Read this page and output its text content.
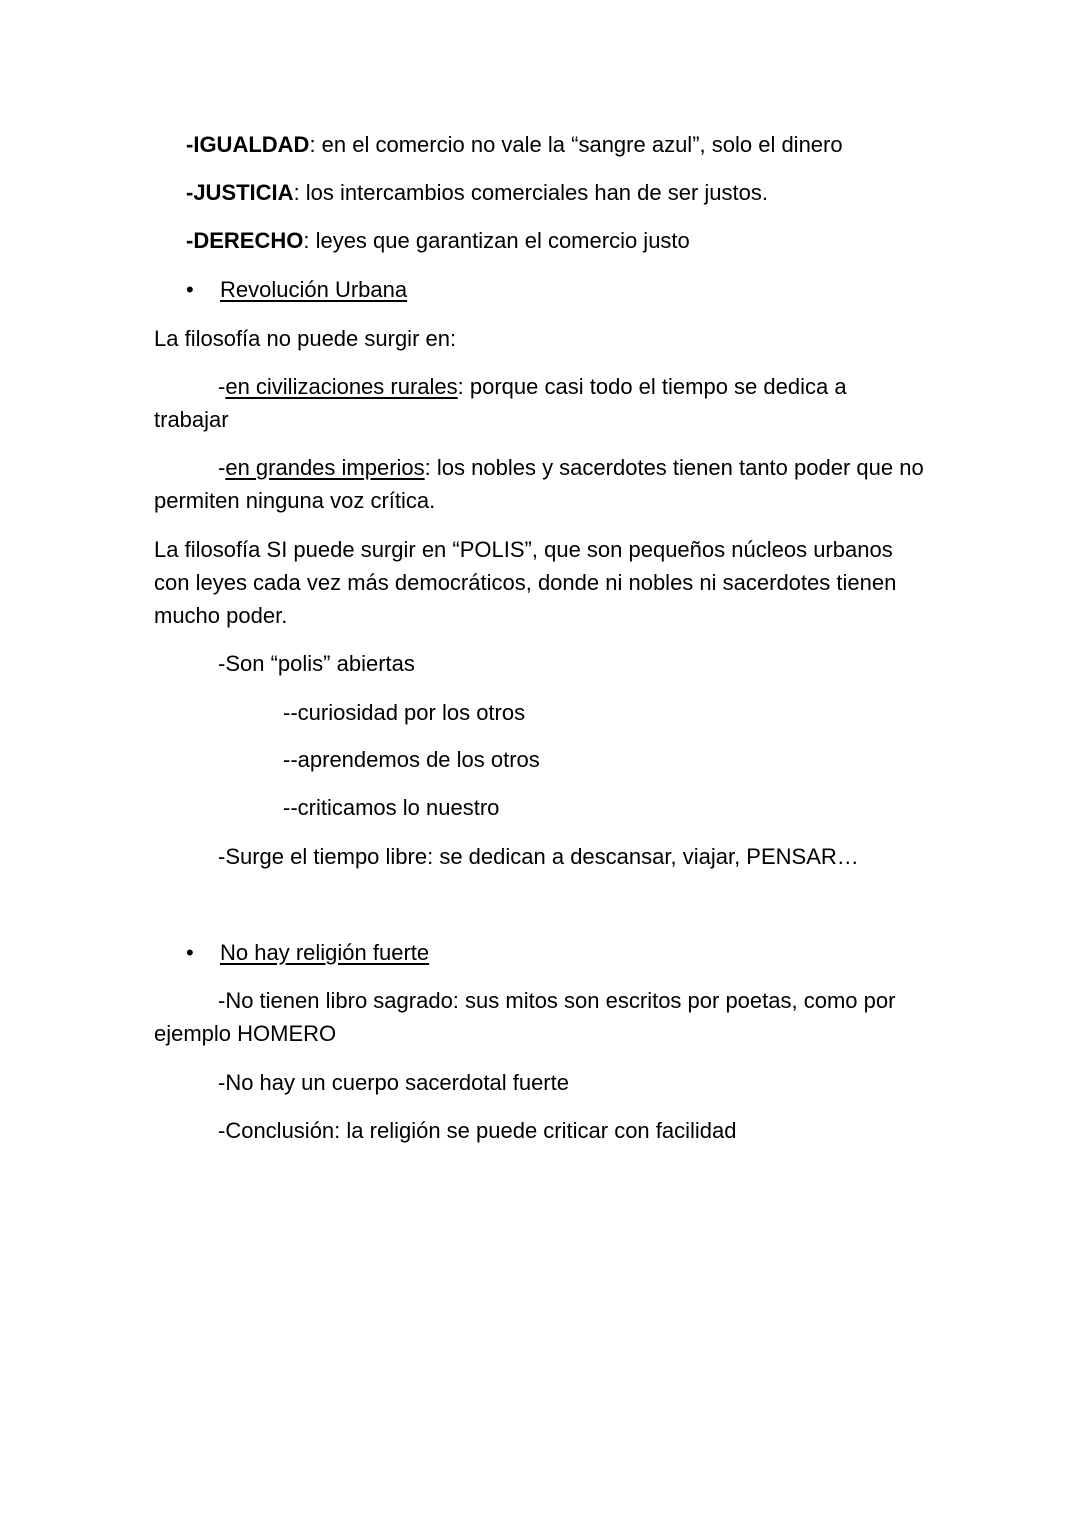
-IGUALDAD: en el comercio no vale la “sangre azul”, solo el dinero

-JUSTICIA: los intercambios comerciales han de ser justos.

-DERECHO: leyes que garantizan el comercio justo

• Revolución Urbana

La filosofía no puede surgir en:

-en civilizaciones rurales: porque casi todo el tiempo se dedica a trabajar

-en grandes imperios: los nobles y sacerdotes tienen tanto poder que no permiten ninguna voz crítica.

La filosofía SI puede surgir en “POLIS”, que son pequeños núcleos urbanos con leyes cada vez más democráticos, donde ni nobles ni sacerdotes tienen mucho poder.

-Son “polis” abiertas

--curiosidad por los otros

--aprendemos de los otros

--criticamos lo nuestro

-Surge el tiempo libre: se dedican a descansar, viajar, PENSAR…

• No hay religión fuerte

-No tienen libro sagrado: sus mitos son escritos por poetas, como por ejemplo HOMERO

-No hay un cuerpo sacerdotal fuerte

-Conclusión: la religión se puede criticar con facilidad
